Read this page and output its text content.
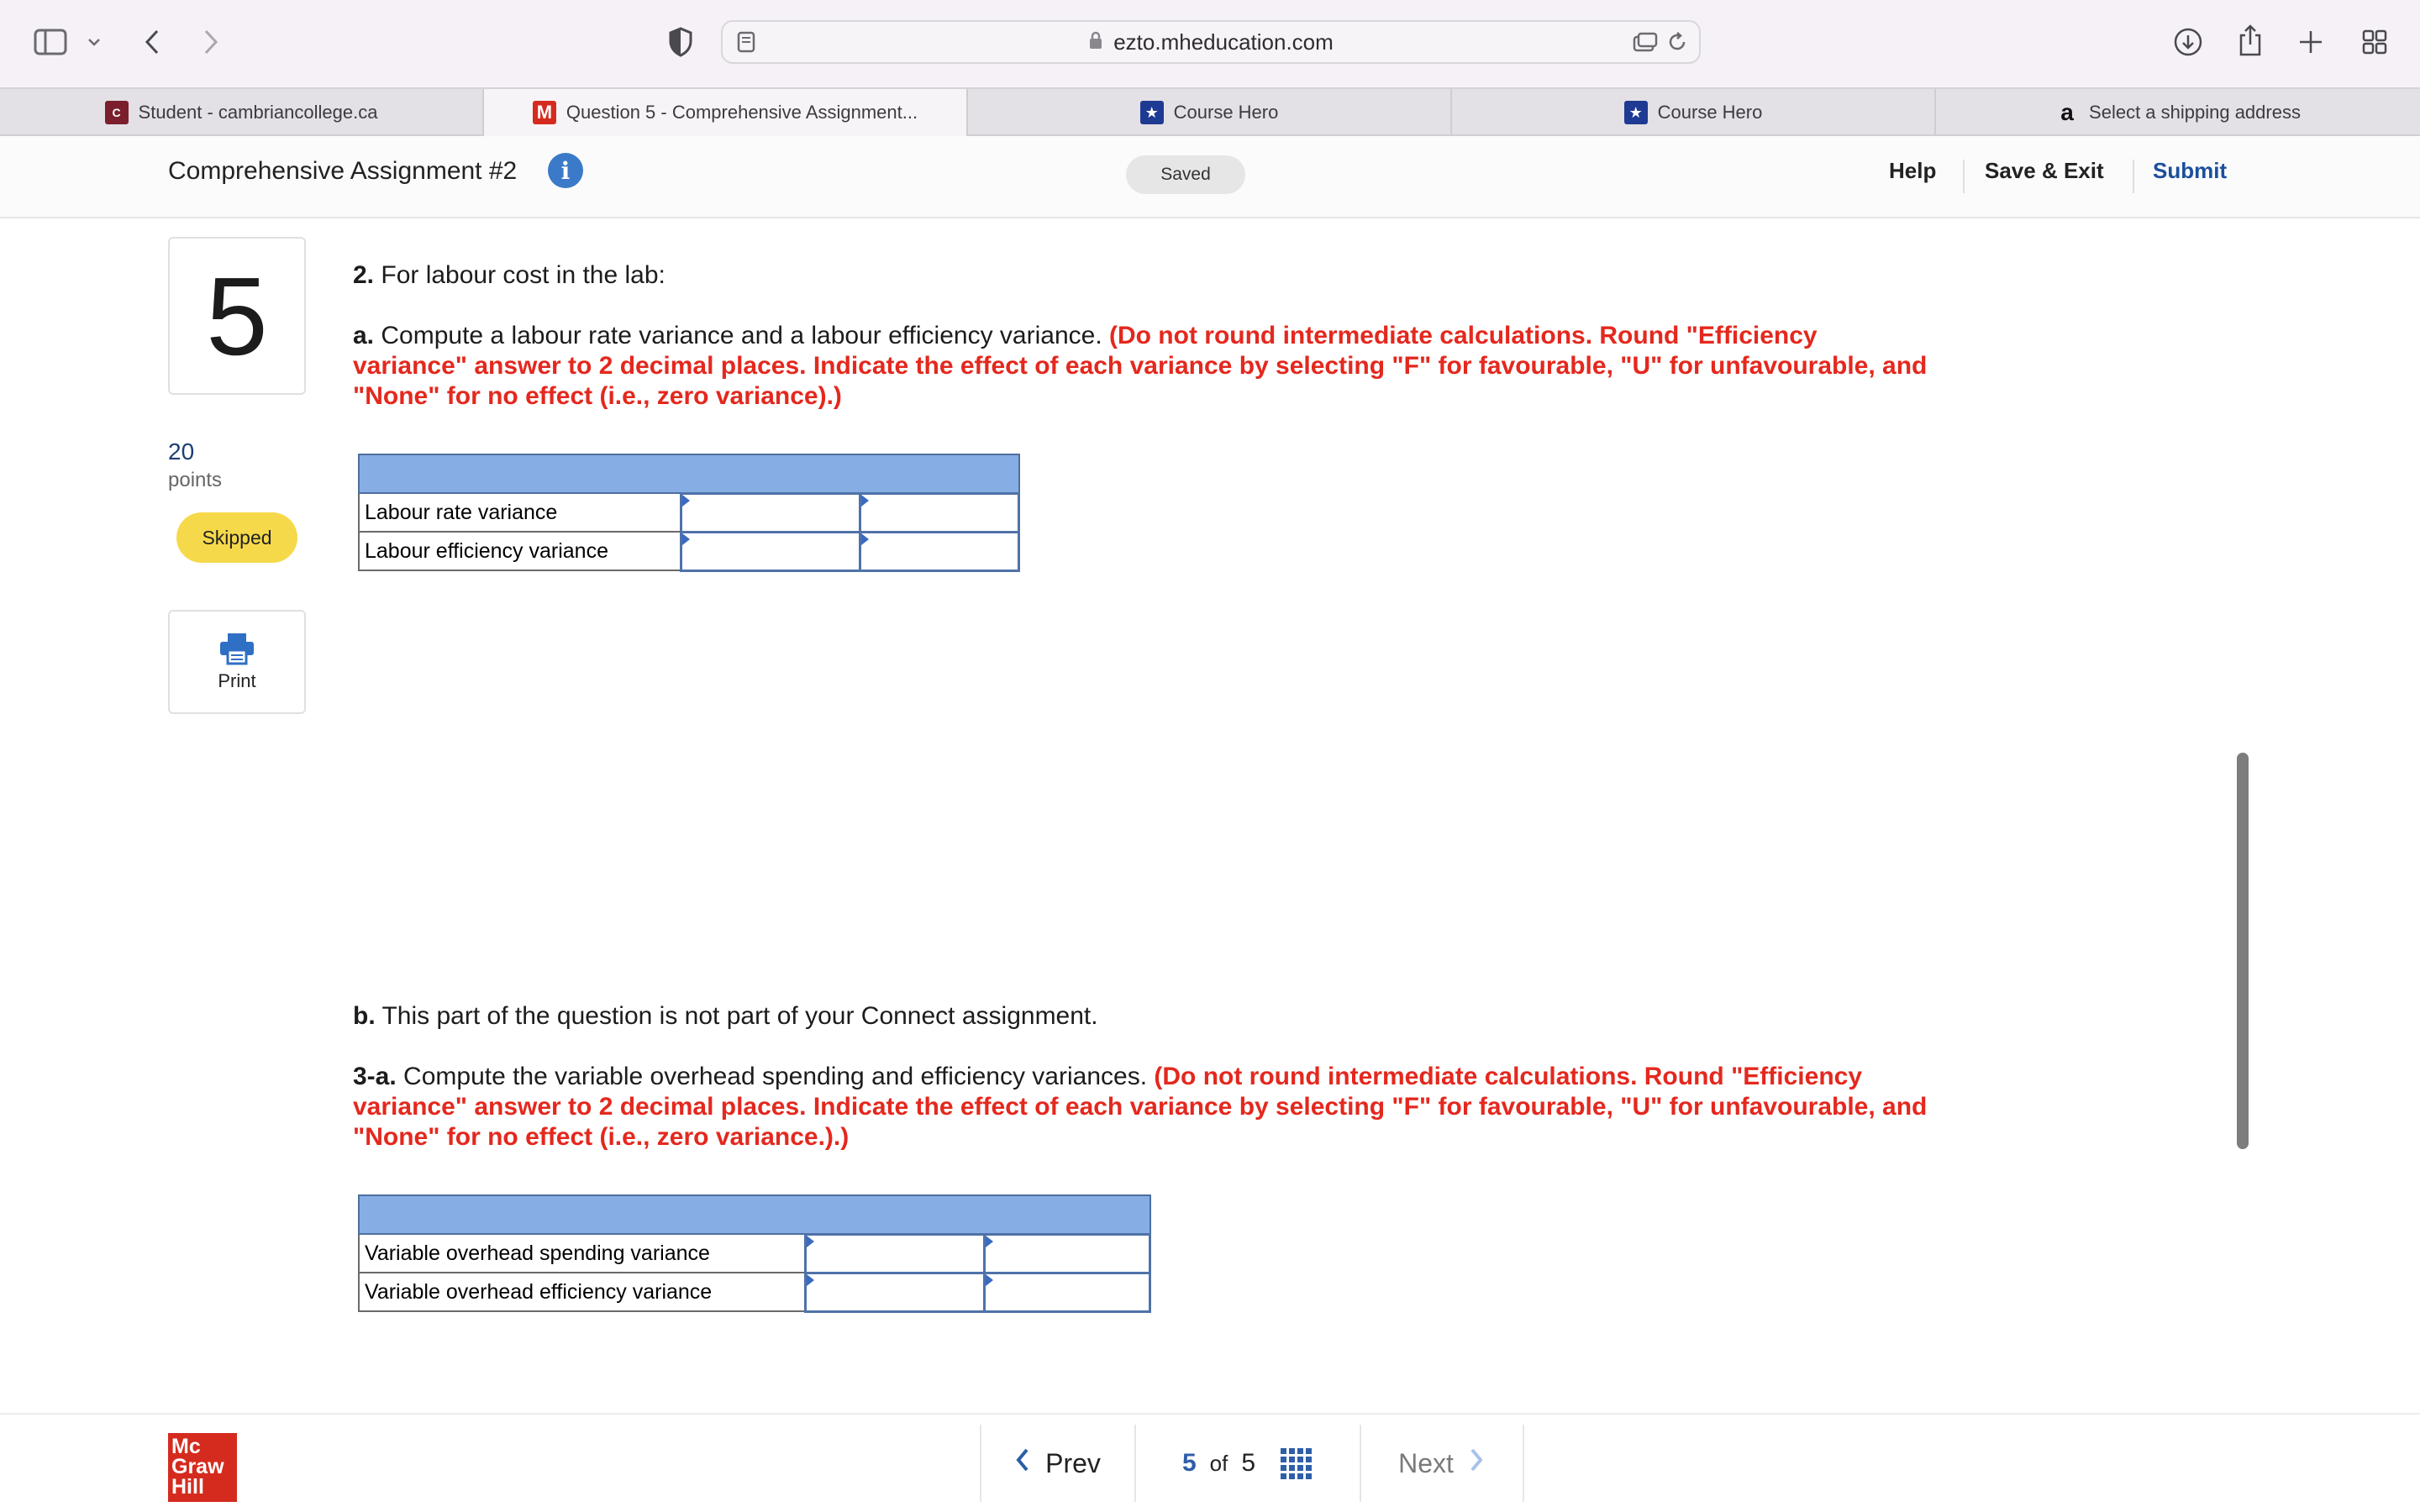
ezto.mheducation.com
C Student - cambriancollege.ca	M Question 5 - Comprehensive Assignment...	★ Course Hero	★ Course Hero	a Select a shipping address
Comprehensive Assignment #2	i	Saved	Help Save & Exit Submit
5
20
points
Skipped
Print
2. For labour cost in the lab:
a. Compute a labour rate variance and a labour efficiency variance. (Do not round intermediate calculations. Round "Efficiency variance" answer to 2 decimal places. Indicate the effect of each variance by selecting "F" for favourable, "U" for unfavourable, and "None" for no effect (i.e., zero variance).)

Labour rate variance	

Labour efficiency variance	

b. This part of the question is not part of your Connect assignment.
3-a. Compute the variable overhead spending and efficiency variances. (Do not round intermediate calculations. Round "Efficiency variance" answer to 2 decimal places. Indicate the effect of each variance by selecting "F" for favourable, "U" for unfavourable, and "None" for no effect (i.e., zero variance.).)

Variable overhead spending variance	

Variable overhead efficiency variance	

Mc
Graw
Hill
Prev	5 of 5	Next
